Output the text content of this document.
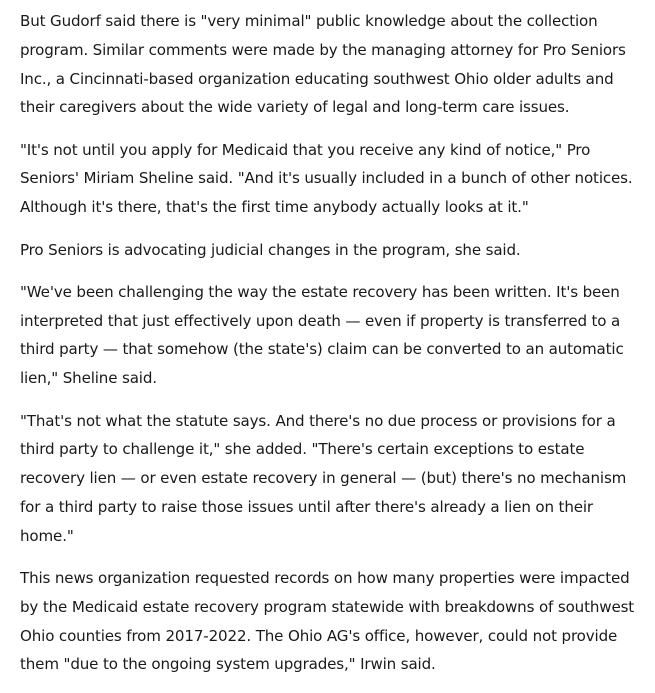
But Gudorf said there is "very minimal" public knowledge about the collection program. Similar comments were made by the managing attorney for Pro Seniors Inc., a Cincinnati-based organization educating southwest Ohio older adults and their caregivers about the wide variety of legal and long-term care issues.

"It's not until you apply for Medicaid that you receive any kind of notice," Pro Seniors' Miriam Sheline said. "And it's usually included in a bunch of other notices. Although it's there, that's the first time anybody actually looks at it."

Pro Seniors is advocating judicial changes in the program, she said.

"We've been challenging the way the estate recovery has been written. It's been interpreted that just effectively upon death — even if property is transferred to a third party — that somehow (the state's) claim can be converted to an automatic lien," Sheline said.

"That's not what the statute says. And there's no due process or provisions for a third party to challenge it," she added. "There's certain exceptions to estate recovery lien — or even estate recovery in general — (but) there's no mechanism for a third party to raise those issues until after there's already a lien on their home."

This news organization requested records on how many properties were impacted by the Medicaid estate recovery program statewide with breakdowns of southwest Ohio counties from 2017-2022. The Ohio AG's office, however, could not provide them "due to the ongoing system upgrades," Irwin said.
